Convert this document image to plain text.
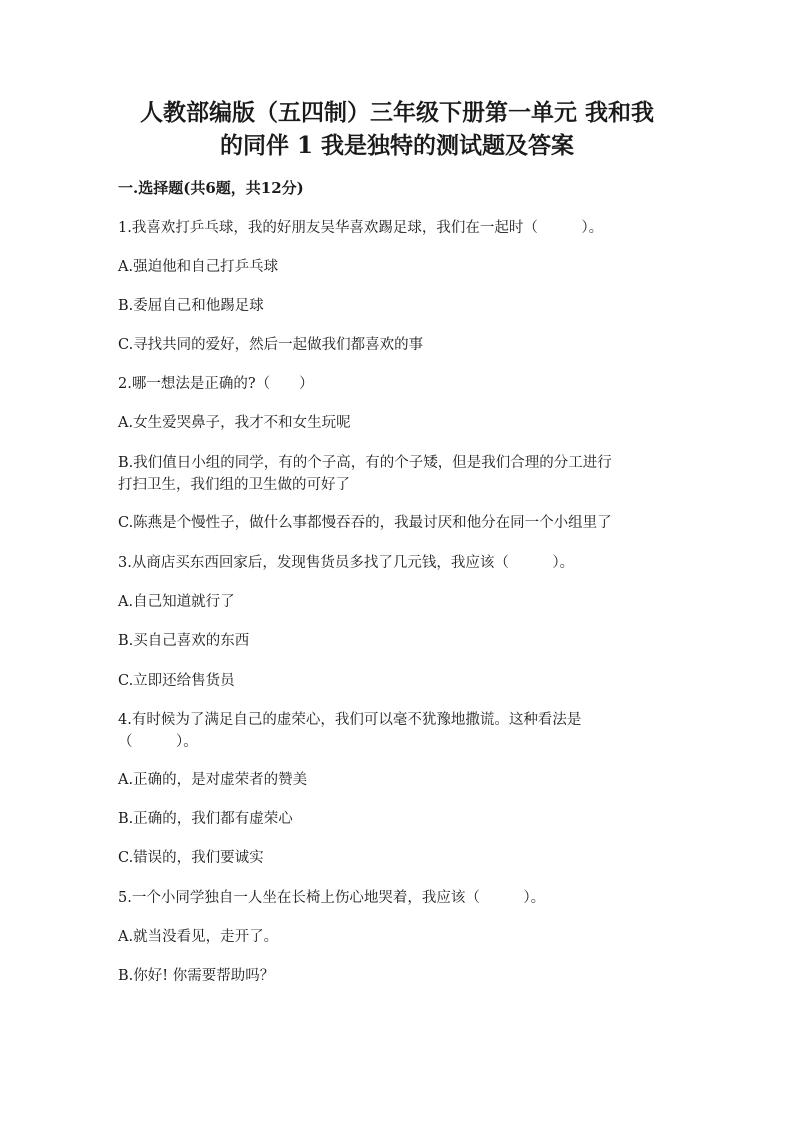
人教部编版（五四制）三年级下册第一单元 我和我
的同伴 1 我是独特的测试题及答案
一.选择题(共6题，共12分)
1.我喜欢打乒乓球，我的好朋友吴华喜欢踢足球，我们在一起时（　　　）。
A.强迫他和自己打乒乓球
B.委屈自己和他踢足球
C.寻找共同的爱好，然后一起做我们都喜欢的事
2.哪一想法是正确的?（　　）
A.女生爱哭鼻子，我才不和女生玩呢
B.我们值日小组的同学，有的个子高，有的个子矮，但是我们合理的分工进行
打扫卫生，我们组的卫生做的可好了
C.陈燕是个慢性子，做什么事都慢吞吞的，我最讨厌和他分在同一个小组里了
3.从商店买东西回家后，发现售货员多找了几元钱，我应该（　　　）。
A.自己知道就行了
B.买自己喜欢的东西
C.立即还给售货员
4.有时候为了满足自己的虚荣心，我们可以毫不犹豫地撒谎。这种看法是
（　　　）。
A.正确的，是对虚荣者的赞美
B.正确的，我们都有虚荣心
C.错误的，我们要诚实
5.一个小同学独自一人坐在长椅上伤心地哭着，我应该（　　　）。
A.就当没看见，走开了。
B.你好! 你需要帮助吗？
